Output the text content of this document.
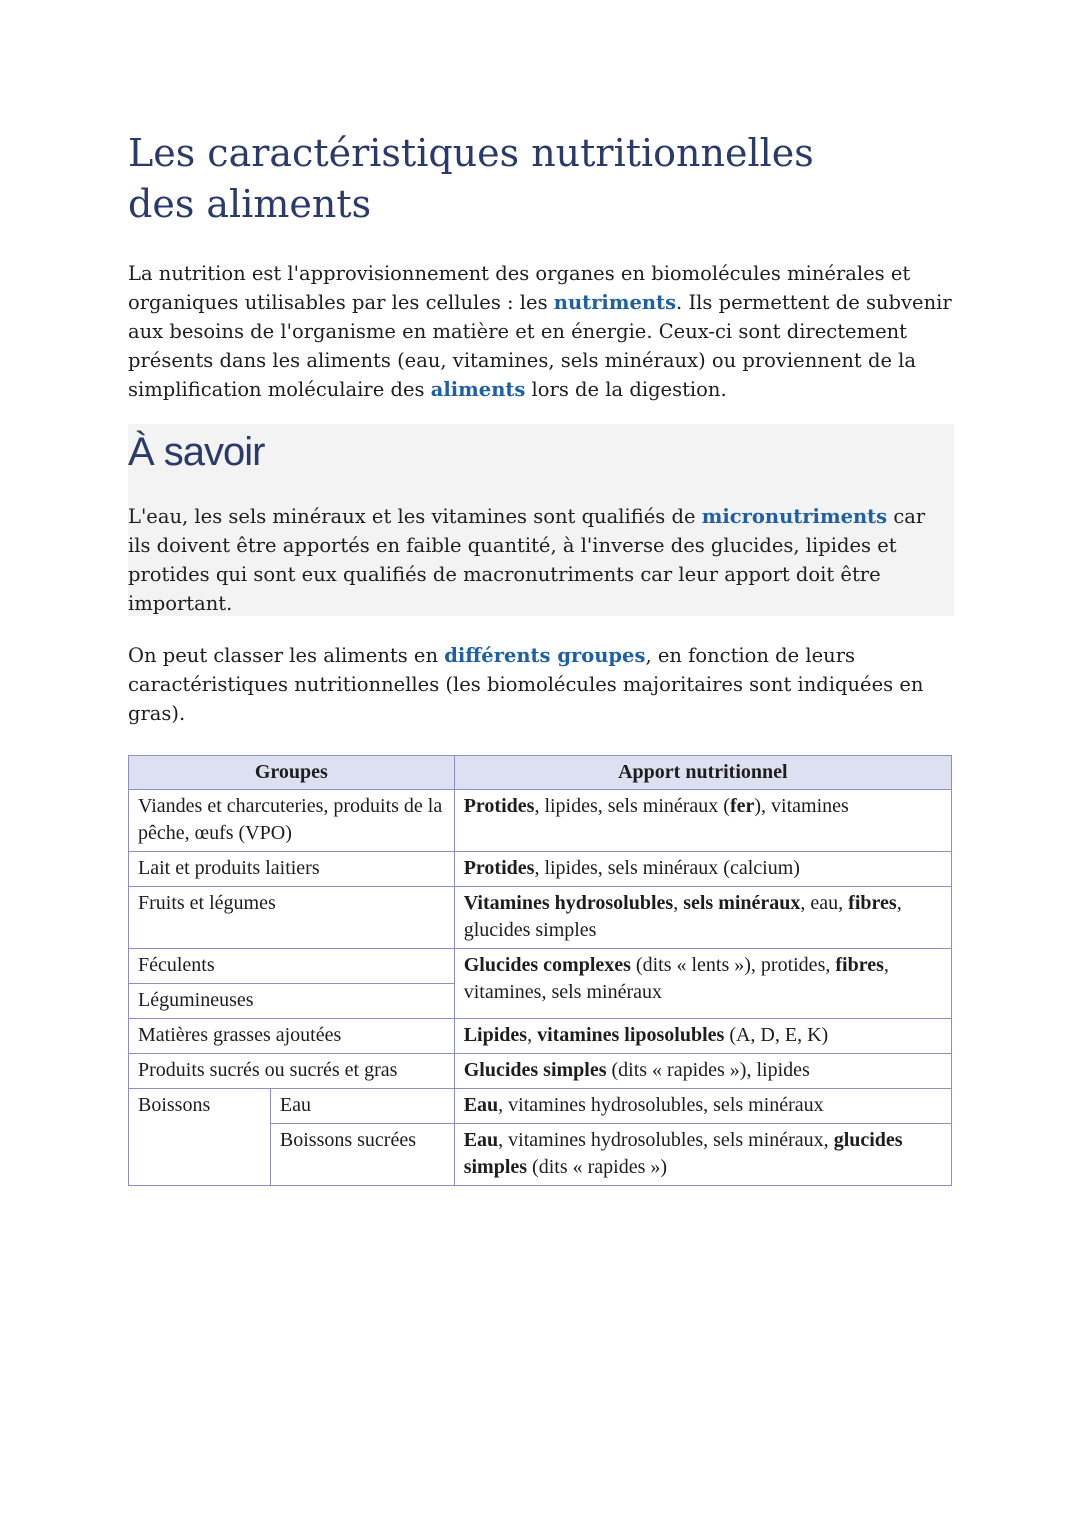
Les caractéristiques nutritionnelles des aliments

La nutrition est l'approvisionnement des organes en biomolécules minérales et organiques utilisables par les cellules : les nutriments. Ils permettent de subvenir aux besoins de l'organisme en matière et en énergie. Ceux-ci sont directement présents dans les aliments (eau, vitamines, sels minéraux) ou proviennent de la simplification moléculaire des aliments lors de la digestion.

À savoir

L'eau, les sels minéraux et les vitamines sont qualifiés de micronutriments car ils doivent être apportés en faible quantité, à l'inverse des glucides, lipides et protides qui sont eux qualifiés de macronutriments car leur apport doit être important.

On peut classer les aliments en différents groupes, en fonction de leurs caractéristiques nutritionnelles (les biomolécules majoritaires sont indiquées en gras).

Groupes		Apport nutritionnel
Viandes et charcuteries, produits de la pêche, œufs (VPO)		Protides, lipides, sels minéraux (fer), vitamines
Lait et produits laitiers		Protides, lipides, sels minéraux (calcium)
Fruits et légumes		Vitamines hydrosolubles, sels minéraux, eau, fibres, glucides simples
Féculents		Glucides complexes (dits « lents »), protides, fibres, vitamines, sels minéraux
Légumineuses		
Matières grasses ajoutées		Lipides, vitamines liposolubles (A, D, E, K)
Produits sucrés ou sucrés et gras		Glucides simples (dits « rapides »), lipides
Boissons	Eau	Eau, vitamines hydrosolubles, sels minéraux
	Boissons sucrées	Eau, vitamines hydrosolubles, sels minéraux, glucides simples (dits « rapides »)
